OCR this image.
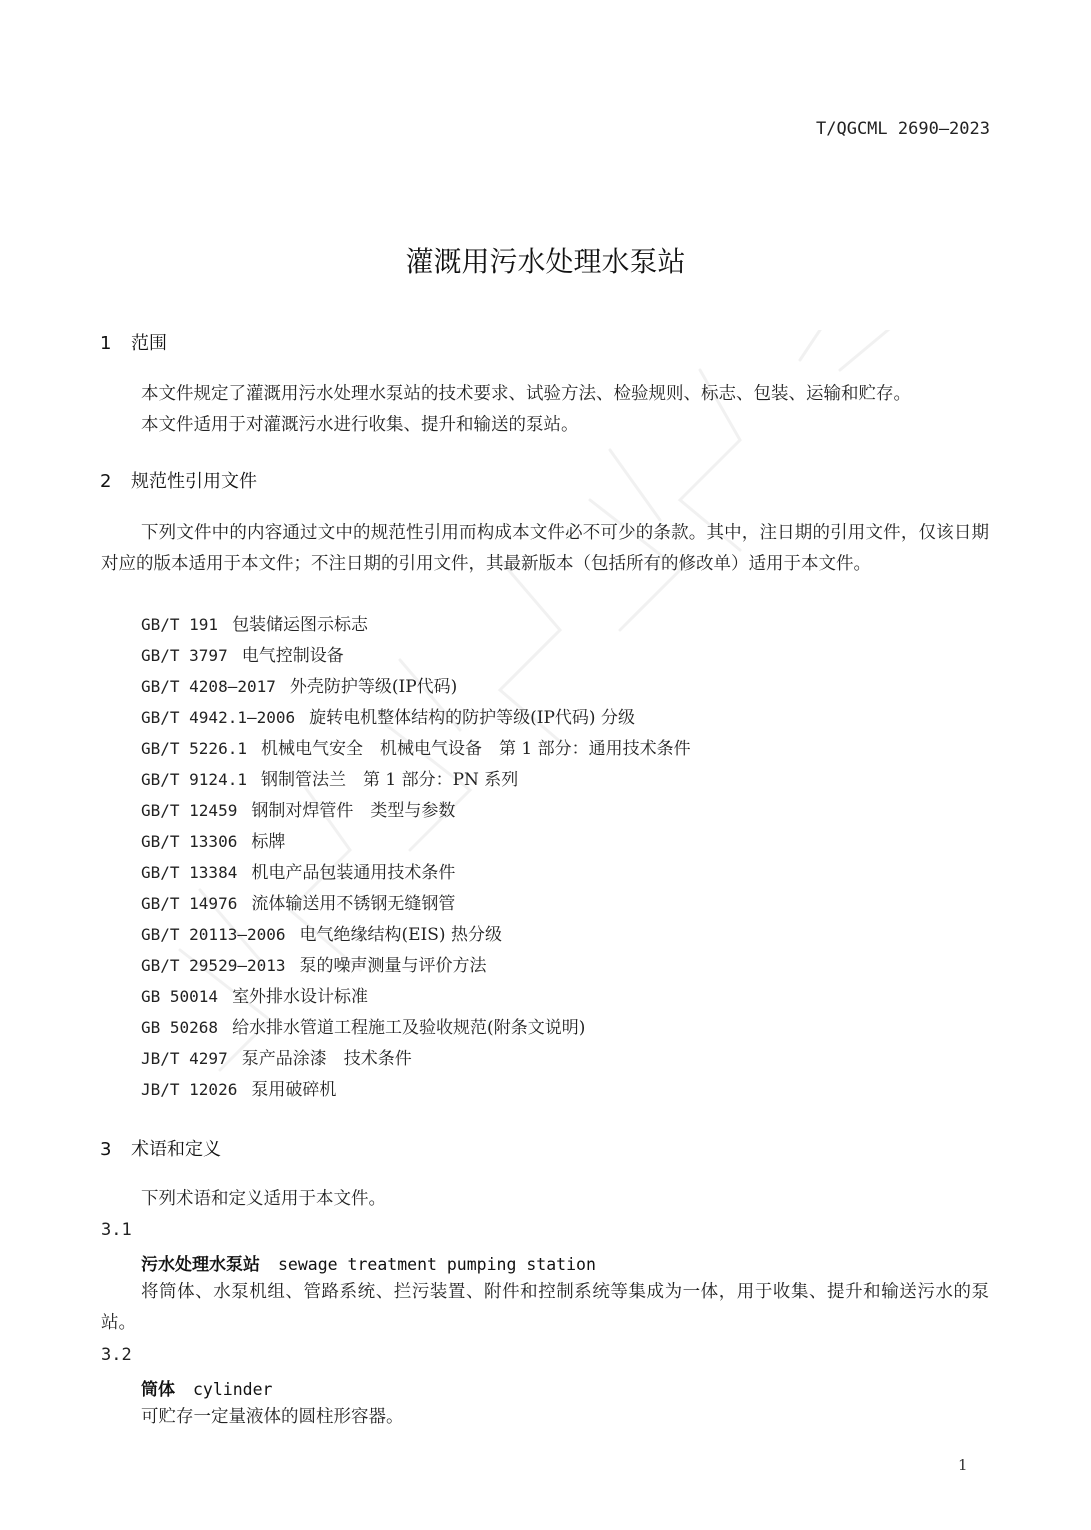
T/QGCML 2690—2023
灌溉用污水处理水泵站
1 范围
本文件规定了灌溉用污水处理水泵站的技术要求、试验方法、检验规则、标志、包装、运输和贮存。
本文件适用于对灌溉污水进行收集、提升和输送的泵站。
2 规范性引用文件
下列文件中的内容通过文中的规范性引用而构成本文件必不可少的条款。其中，注日期的引用文件，仅该日期对应的版本适用于本文件；不注日期的引用文件，其最新版本（包括所有的修改单）适用于本文件。
GB/T 191 包装储运图示标志
GB/T 3797 电气控制设备
GB/T 4208—2017 外壳防护等级(IP代码)
GB/T 4942.1—2006 旋转电机整体结构的防护等级(IP代码) 分级
GB/T 5226.1 机械电气安全　机械电气设备　第 1 部分：通用技术条件
GB/T 9124.1 钢制管法兰　第 1 部分：PN 系列
GB/T 12459 钢制对焊管件　类型与参数
GB/T 13306 标牌
GB/T 13384 机电产品包装通用技术条件
GB/T 14976 流体输送用不锈钢无缝钢管
GB/T 20113—2006 电气绝缘结构(EIS) 热分级
GB/T 29529—2013 泵的噪声测量与评价方法
GB 50014 室外排水设计标准
GB 50268 给水排水管道工程施工及验收规范(附条文说明)
JB/T 4297 泵产品涂漆　技术条件
JB/T 12026 泵用破碎机
3 术语和定义
下列术语和定义适用于本文件。
3.1
污水处理水泵站 sewage treatment pumping station
将筒体、水泵机组、管路系统、拦污装置、附件和控制系统等集成为一体，用于收集、提升和输送污水的泵站。
3.2
筒体 cylinder
可贮存一定量液体的圆柱形容器。
1
